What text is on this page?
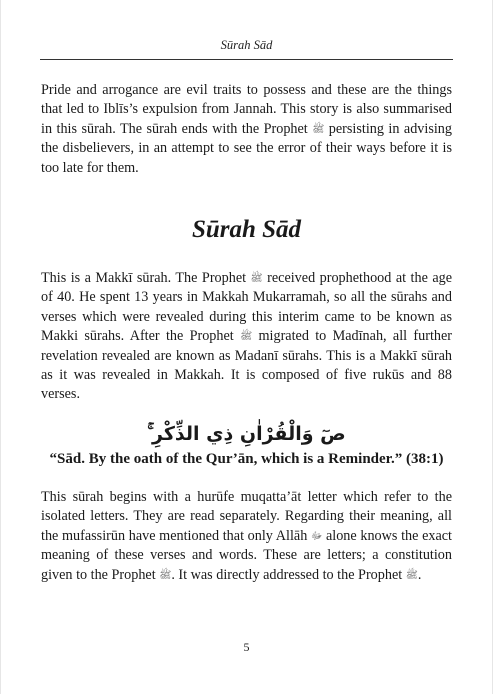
Sūrah Sād

Pride and arrogance are evil traits to possess and these are the things that led to Iblīs’s expulsion from Jannah. This story is also summarised in this sūrah. The sūrah ends with the Prophet ﷺ persisting in advising the disbelievers, in an attempt to see the error of their ways before it is too late for them.

Sūrah Sād

This is a Makkī sūrah. The Prophet ﷺ received prophethood at the age of 40. He spent 13 years in Makkah Mukarramah, so all the sūrahs and verses which were revealed during this interim came to be known as Makki sūrahs. After the Prophet ﷺ migrated to Madīnah, all further revelation revealed are known as Madanī sūrahs. This is a Makkī sūrah as it was revealed in Makkah. It is composed of five rukūs and 88 verses.

صٓ وَالْقُرْاٰنِ ذِي الذِّكْرِ ۚ

“Sād. By the oath of the Qur’ān, which is a Reminder.” (38:1)

This sūrah begins with a hurūfe muqatta’āt letter which refer to the isolated letters. They are read separately. Regarding their meaning, all the mufassirūn have mentioned that only Allāh ﷻ alone knows the exact meaning of these verses and words. These are letters; a constitution given to the Prophet ﷺ. It was directly addressed to the Prophet ﷺ.

5
